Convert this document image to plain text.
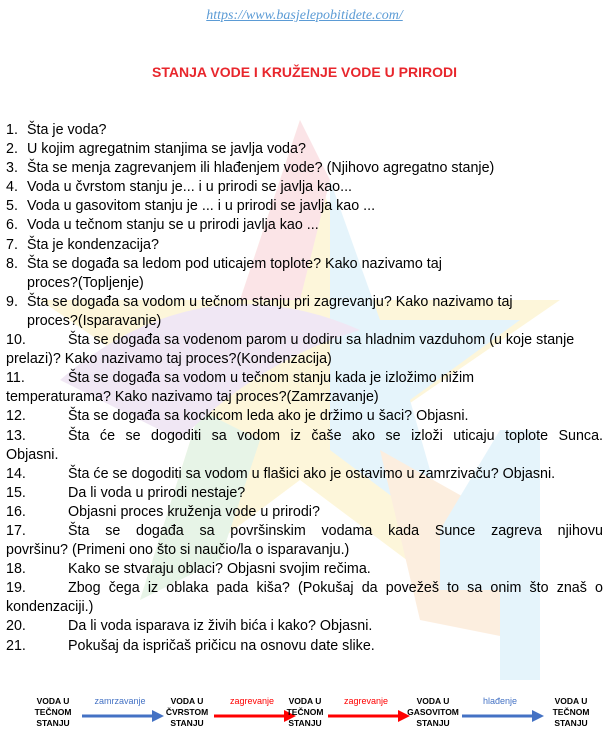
https://www.basjelepobitidete.com/
STANJA VODE I KRUŽENJE VODE U PRIRODI
1. Šta je voda?
2. U kojim agregatnim stanjima se javlja voda?
3. Šta se menja zagrevanjem ili hlađenjem vode? (Njihovo agregatno stanje)
4. Voda u čvrstom stanju je... i u prirodi se javlja kao...
5. Voda u gasovitom stanju je ... i u prirodi se javlja kao ...
6. Voda u tečnom stanju se u prirodi javlja kao ...
7. Šta je kondenzacija?
8. Šta se događa sa ledom pod uticajem toplote? Kako nazivamo taj
proces?(Topljenje)
9. Šta se događa sa vodom u tečnom stanju pri zagrevanju? Kako nazivamo taj
proces?(Isparavanje)
10.	Šta se događa sa vodenom parom u dodiru sa hladnim vazduhom (u koje stanje
prelazi)? Kako nazivamo taj proces?(Kondenzacija)
11.	Šta se događa sa vodom u tečnom stanju kada je izložimo nižim
temperaturama? Kako nazivamo taj proces?(Zamrzavanje)
12.	Šta se događa sa kockicom leda ako je držimo u šaci? Objasni.
13.	Šta će se dogoditi sa vodom iz čaše ako se izloži uticaju toplote Sunca.
Objasni.
14.	Šta će se dogoditi sa vodom u flašici ako je ostavimo u zamrzivaču? Objasni.
15.	Da li voda u prirodi nestaje?
16.	Objasni proces kruženja vode u prirodi?
17.	Šta se događa sa površinskim vodama kada Sunce zagreva njihovu
površinu? (Primeni ono što si naučio/la o isparavanju.)
18.	Kako se stvaraju oblaci? Objasni svojim rečima.
19.	Zbog čega iz oblaka pada kiša? (Pokušaj da povežeš to sa onim što znaš o
kondenzaciji.)
20.	Da li voda isparava iz živih bića i kako? Objasni.
21.	Pokušaj da ispričaš pričicu na osnovu date slike.
VODA U
TEČNOM
STANJU
zamrzavanje	VODA U
ČVRSTOM
STANJU
zagrevanje	VODA U
TEČNOM
STANJU
zagrevanje	VODA U
GASOVITOM
STANJU
hlađenje	VODA U
TEČNOM
STANJU
